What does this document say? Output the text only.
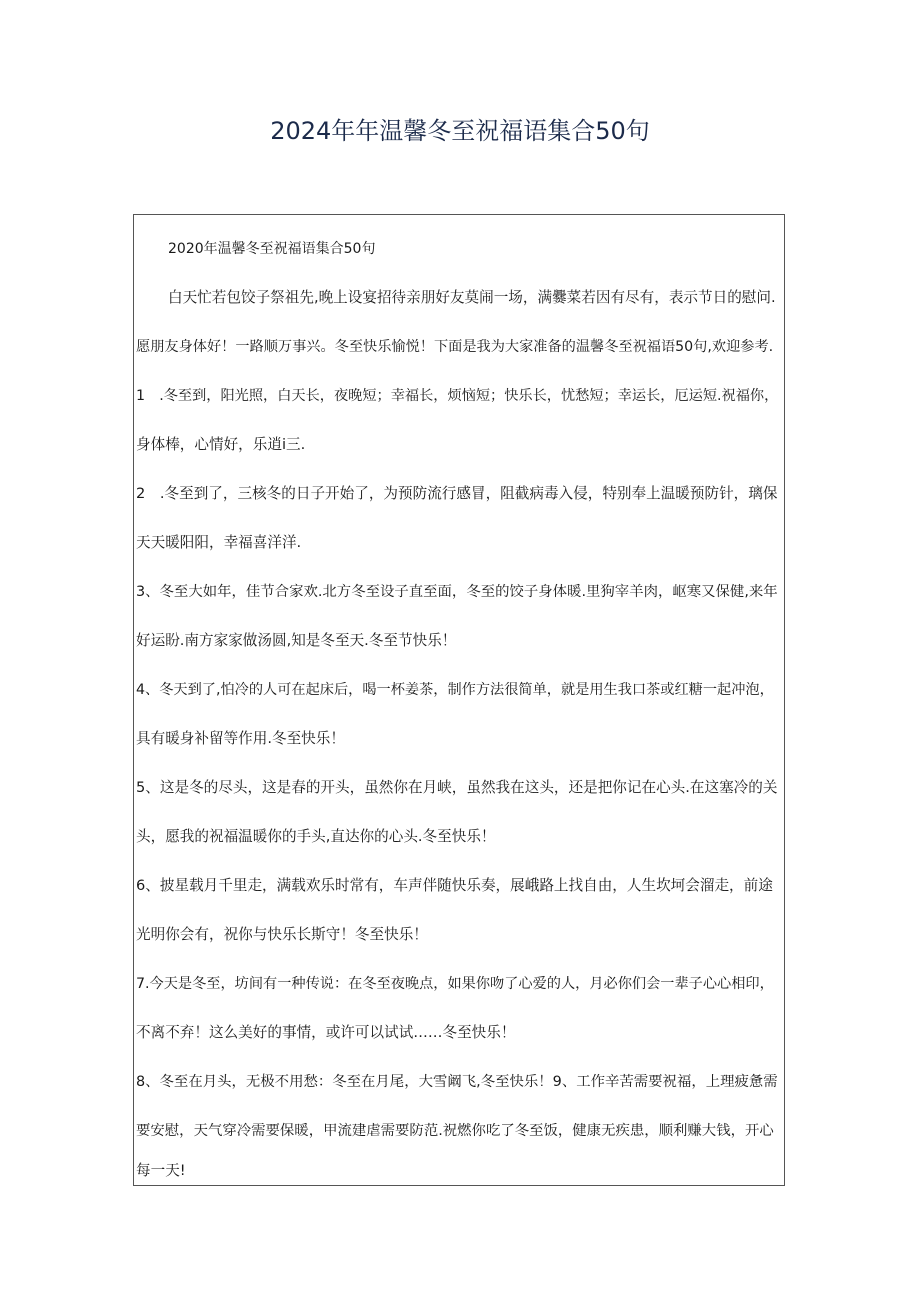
2024年年温馨冬至祝福语集合50句
2020年温馨冬至祝福语集合50句
白天忙若包饺子祭祖先,晚上设宴招待亲朋好友莫闹一场，满爨菜若因有尽有，表示节日的慰问.
愿朋友身体好！一路顺万事兴。冬至快乐愉悦！下面是我为大家准备的温馨冬至祝福语50句,欢迎参考.
1　.冬至到，阳光照，白天长，夜晚短；幸福长，烦恼短；快乐长，忧愁短；幸运长，厄运短.祝福你，
身体棒，心情好，乐逍i三.
2　.冬至到了，三核冬的日子开始了，为预防流行感冒，阻截病毒入侵，特别奉上温暖预防针，璃保
天天暖阳阳，幸福喜洋洋.
3、冬至大如年，佳节合家欢.北方冬至设子直至面，冬至的饺子身体暖.里狗宰羊肉，岖寒又保健,来年
好运盼.南方家家做汤圆,知是冬至天.冬至节快乐！
4、冬天到了,怕冷的人可在起床后，喝一杯姜茶，制作方法很简单，就是用生我口茶或红糖一起冲泡，
具有暖身补留等作用.冬至快乐！
5、这是冬的尽头，这是春的开头，虽然你在月峡，虽然我在这头，还是把你记在心头.在这塞冷的关
头，愿我的祝福温暖你的手头,直达你的心头.冬至快乐！
6、披星载月千里走，满载欢乐时常有，车声伴随快乐奏，展峨路上找自由，人生坎坷会溜走，前途
光明你会有，祝你与快乐长斯守！冬至快乐！
7.今天是冬至，坊间有一种传说：在冬至夜晚点，如果你吻了心爱的人，月必你们会一辈子心心相印，
不离不弃！这么美好的事情，或许可以试试……冬至快乐！
8、冬至在月头，无极不用愁：冬至在月尾，大雪阚飞,冬至快乐！9、工作辛苦需要祝福，上理疲惫需
要安慰，天气穿冷需要保暖，甲流建虐需要防范.祝燃你吃了冬至饭，健康无疾患，顺利赚大钱，开心
每一天!
